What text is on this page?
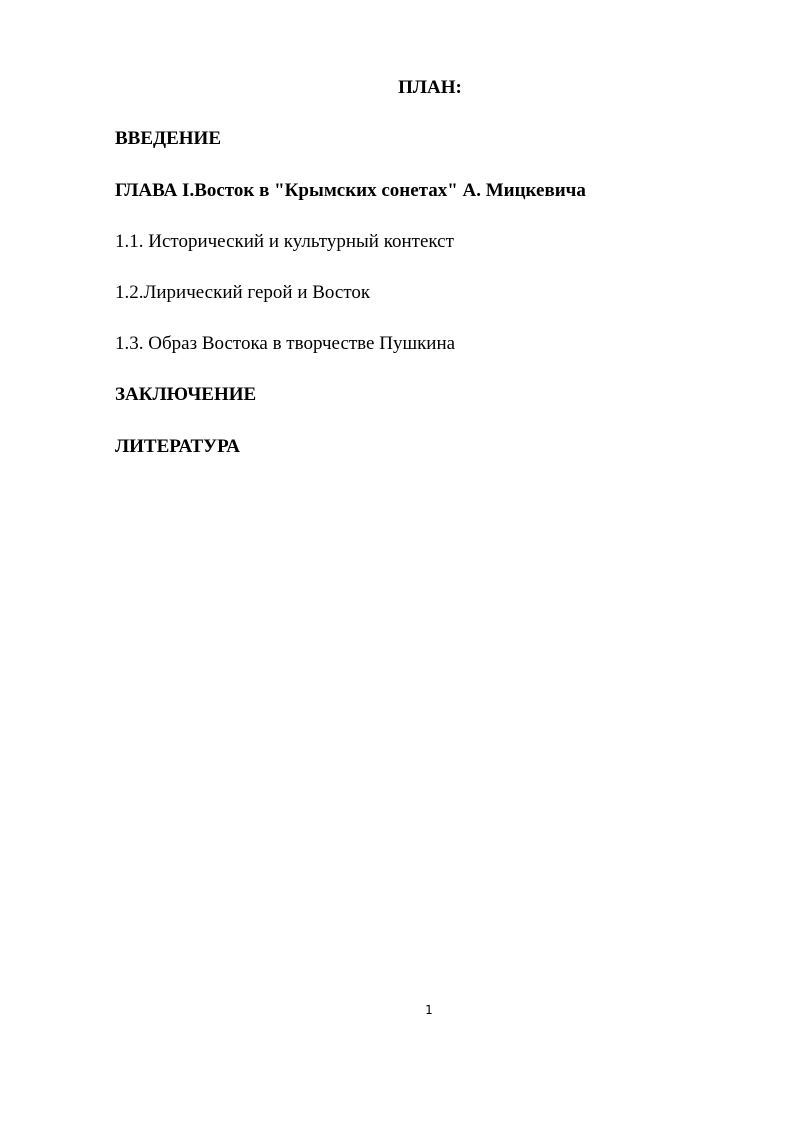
ПЛАН:
ВВЕДЕНИЕ
ГЛАВА I.Восток в "Крымских сонетах" А. Мицкевича
1.1. Исторический и культурный контекст
1.2.Лирический герой и Восток
1.3. Образ Востока в творчестве Пушкина
ЗАКЛЮЧЕНИЕ
ЛИТЕРАТУРА
1
